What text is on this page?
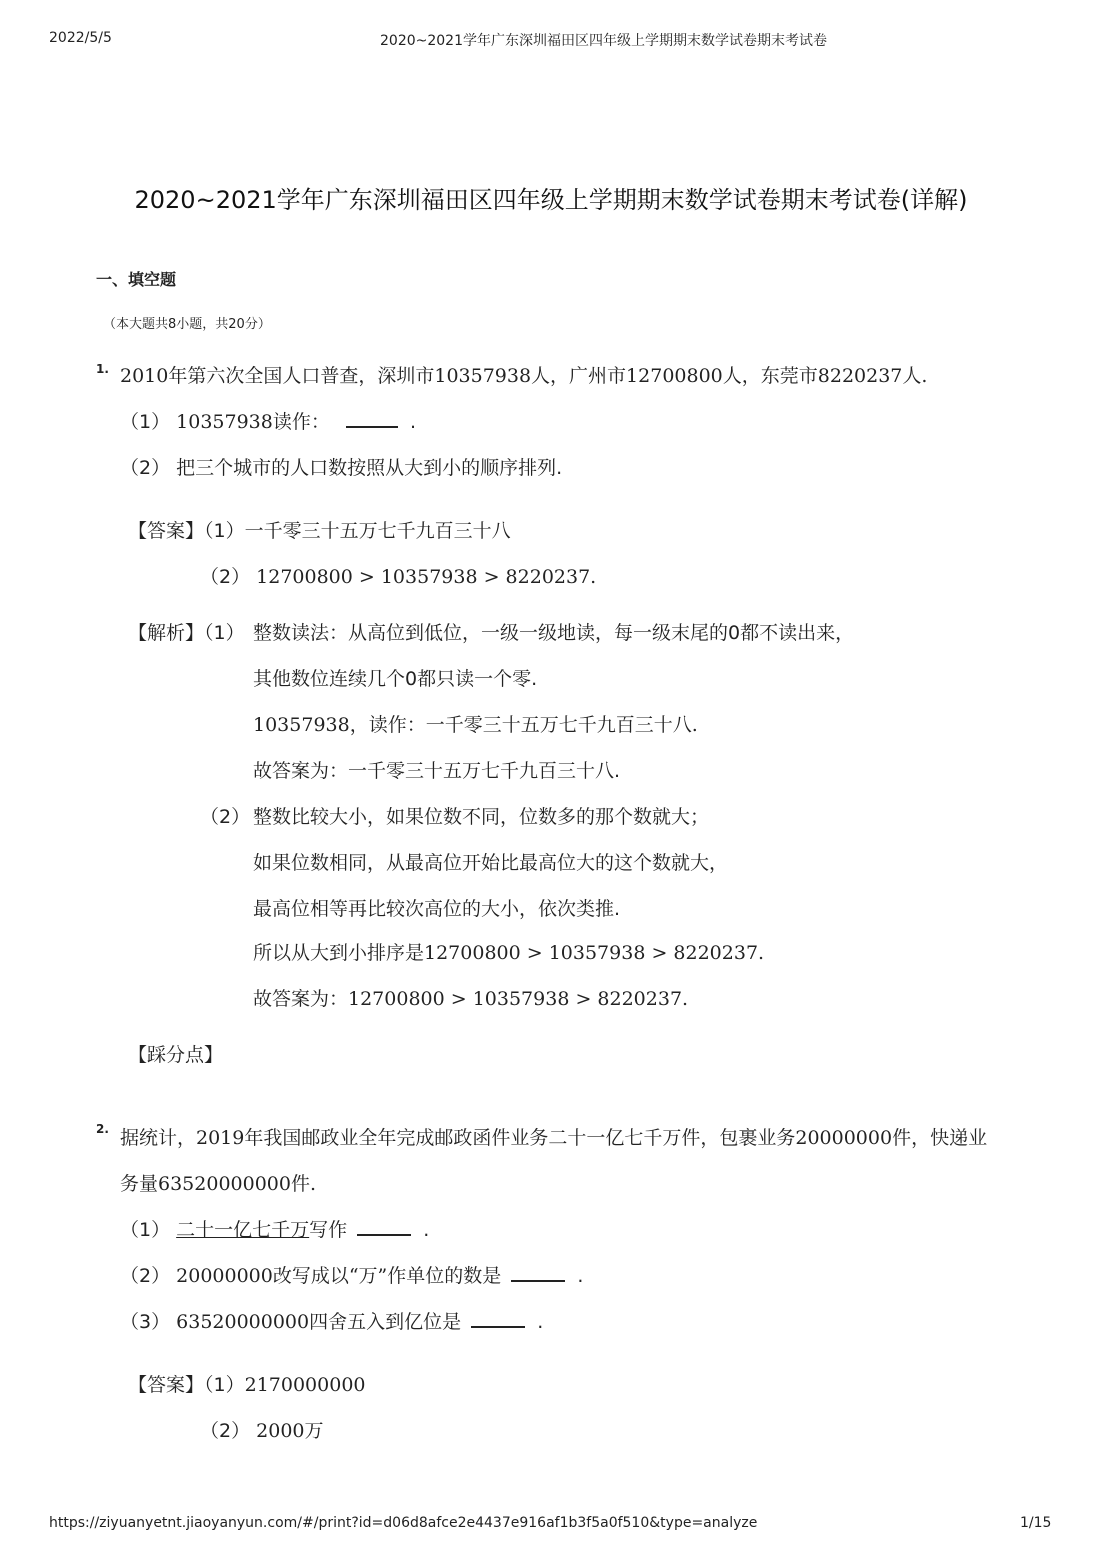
2022/5/5	2020~2021学年广东深圳福田区四年级上学期期末数学试卷期末考试卷
2020~2021学年广东深圳福田区四年级上学期期末数学试卷期末考试卷(详解)
一、填空题
（本大题共8小题，共20分）
1. 2010年第六次全国人口普查，深圳市10357938人，广州市12700800人，东莞市8220237人.
（1） 10357938读作：	.
（2） 把三个城市的人口数按照从大到小的顺序排列.
【答案】（1）一千零三十五万七千九百三十八
（2） 12700800 > 10357938 > 8220237.
【解析】（1） 整数读法：从高位到低位，一级一级地读，每一级末尾的0都不读出来，
其他数位连续几个0都只读一个零.
10357938，读作：一千零三十五万七千九百三十八.
故答案为：一千零三十五万七千九百三十八.
（2） 整数比较大小，如果位数不同，位数多的那个数就大；
如果位数相同，从最高位开始比最高位大的这个数就大，
最高位相等再比较次高位的大小，依次类推.
所以从大到小排序是12700800 > 10357938 > 8220237.
故答案为：12700800 > 10357938 > 8220237.
【踩分点】
2. 据统计，2019年我国邮政业全年完成邮政函件业务二十一亿七千万件，包裹业务20000000件，快递业
务量63520000000件.
（1） 二十一亿七千万写作	.
（2） 20000000改写成以“万”作单位的数是	.
（3） 63520000000四舍五入到亿位是	.
【答案】（1）2170000000
（2） 2000万
https://ziyuanyetnt.jiaoyanyun.com/#/print?id=d06d8afce2e4437e916af1b3f5a0f510&type=analyze	1/15
